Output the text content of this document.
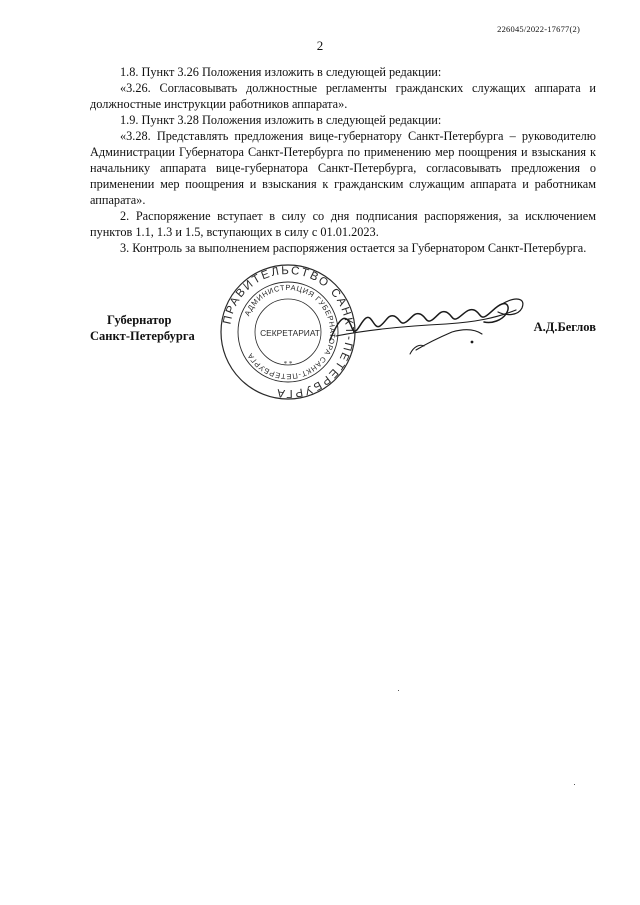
226045/2022-17677(2)
2

1.8. Пункт 3.26 Положения изложить в следующей редакции:

«3.26. Согласовывать должностные регламенты гражданских служащих аппарата и должностные инструкции работников аппарата».

1.9. Пункт 3.28 Положения изложить в следующей редакции:

«3.28. Представлять предложения вице-губернатору Санкт-Петербурга – руководителю Администрации Губернатора Санкт-Петербурга по применению мер поощрения и взыскания к начальнику аппарата вице-губернатора Санкт-Петербурга, согласовывать предложения о применении мер поощрения и взыскания к гражданским служащим аппарата и работникам аппарата».

2. Распоряжение вступает в силу со дня подписания распоряжения, за исключением пунктов 1.1, 1.3 и 1.5, вступающих в силу с 01.01.2023.

3. Контроль за выполнением распоряжения остается за Губернатором Санкт-Петербурга.

ПРАВИТЕЛЬСТВО САНКТ-ПЕТЕРБУРГА
АДМИНИСТРАЦИЯ ГУБЕРНАТОРА САНКТ-ПЕТЕРБУРГА
СЕКРЕТАРИАТ
* *
Губернатор
Санкт-Петербурга
А.Д.Беглов
